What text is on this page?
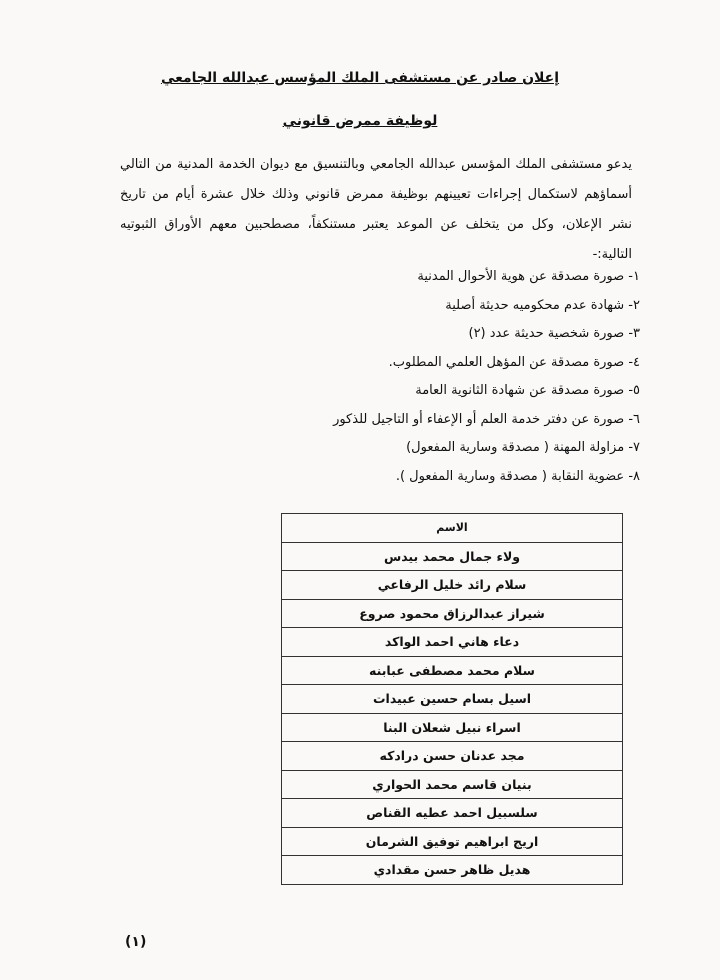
إعلان صادر عن مستشفى الملك المؤسس عبدالله الجامعي
لوظيفة ممرض قانوني
يدعو مستشفى الملك المؤسس عبدالله الجامعي وبالتنسيق مع ديوان الخدمة المدنية من التالي أسماؤهم لاستكمال إجراءات تعيينهم بوظيفة ممرض قانوني وذلك خلال عشرة أيام من تاريخ نشر الإعلان، وكل من يتخلف عن الموعد يعتبر مستنكفاً، مصطحبين معهم الأوراق الثبوتيه التالية:-
١- صورة مصدقة عن هوية الأحوال المدنية
٢- شهادة عدم محكوميه حديثة أصلية
٣- صورة شخصية حديثة عدد (٢)
٤- صورة مصدقة عن المؤهل العلمي المطلوب.
٥- صورة مصدقة عن شهادة الثانوية العامة
٦- صورة عن دفتر خدمة العلم أو الإعفاء أو التاجيل للذكور
٧- مزاولة المهنة ( مصدقة وسارية المفعول)
٨- عضوية النقابة ( مصدقة وسارية المفعول ).
الاسم
ولاء جمال محمد بيدس
سلام رائد خليل الرفاعي
شيراز عبدالرزاق محمود صروع
دعاء هاني احمد الواكد
سلام محمد مصطفى عبابنه
اسيل بسام حسين عبيدات
اسراء نبيل شعلان البنا
مجد عدنان حسن درادكه
بنيان قاسم محمد الحواري
سلسبيل احمد عطيه القناص
اريج ابراهيم توفيق الشرمان
هديل ظاهر حسن مقدادي
(١)
